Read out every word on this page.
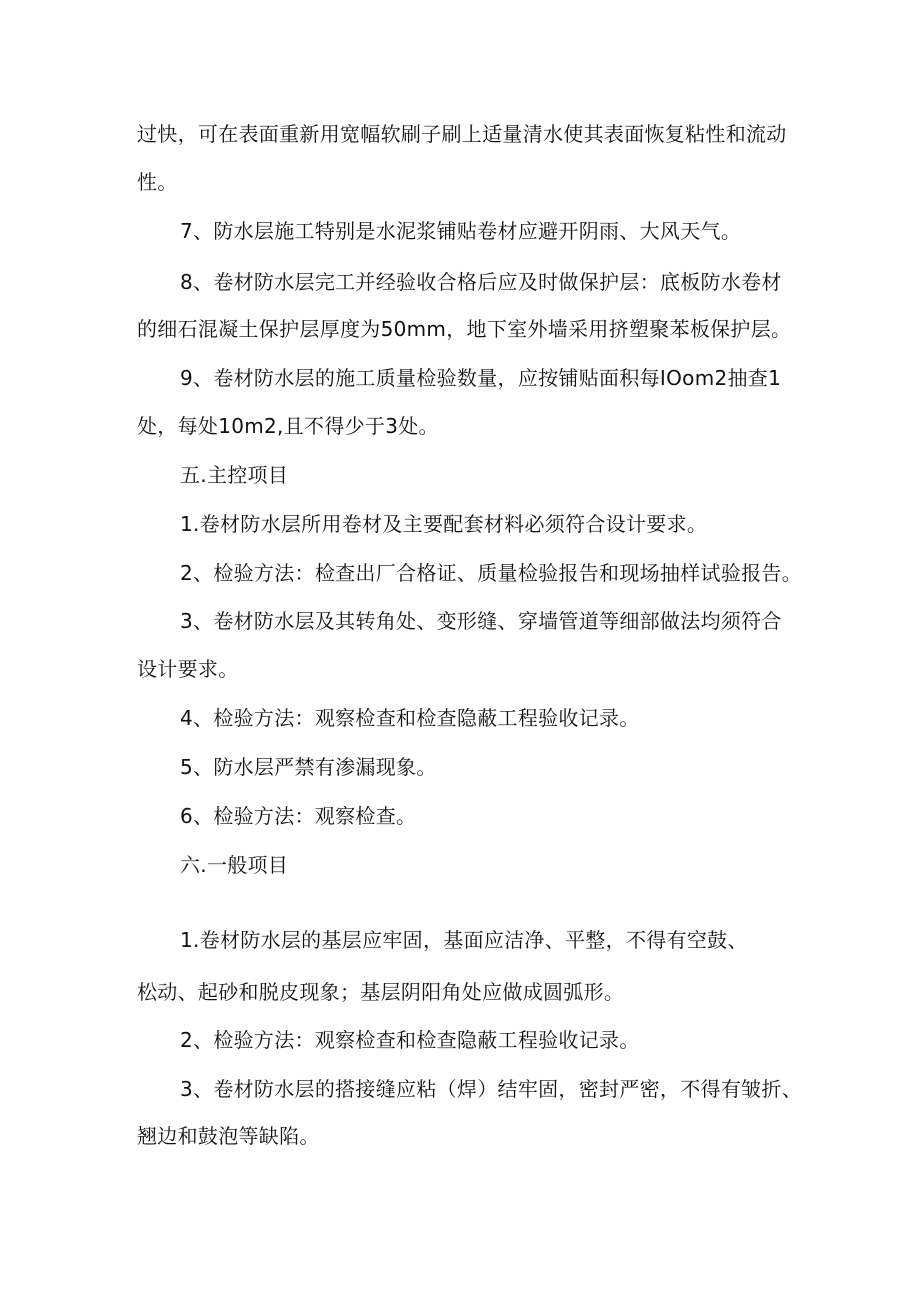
过快，可在表面重新用宽幅软刷子刷上适量清水使其表面恢复粘性和流动
性。
7、防水层施工特别是水泥浆铺贴卷材应避开阴雨、大风天气。
8、卷材防水层完工并经验收合格后应及时做保护层：底板防水卷材
的细石混凝土保护层厚度为50mm，地下室外墙采用挤塑聚苯板保护层。
9、卷材防水层的施工质量检验数量，应按铺贴面积每IOom2抽查1
处，每处10m2,且不得少于3处。
五.主控项目
1.卷材防水层所用卷材及主要配套材料必须符合设计要求。
2、检验方法：检查出厂合格证、质量检验报告和现场抽样试验报告。
3、卷材防水层及其转角处、变形缝、穿墙管道等细部做法均须符合
设计要求。
4、检验方法：观察检查和检查隐蔽工程验收记录。
5、防水层严禁有渗漏现象。
6、检验方法：观察检查。
六.一般项目
1.卷材防水层的基层应牢固，基面应洁净、平整，不得有空鼓、
松动、起砂和脱皮现象；基层阴阳角处应做成圆弧形。
2、检验方法：观察检查和检查隐蔽工程验收记录。
3、卷材防水层的搭接缝应粘（焊）结牢固，密封严密，不得有皱折、
翘边和鼓泡等缺陷。
